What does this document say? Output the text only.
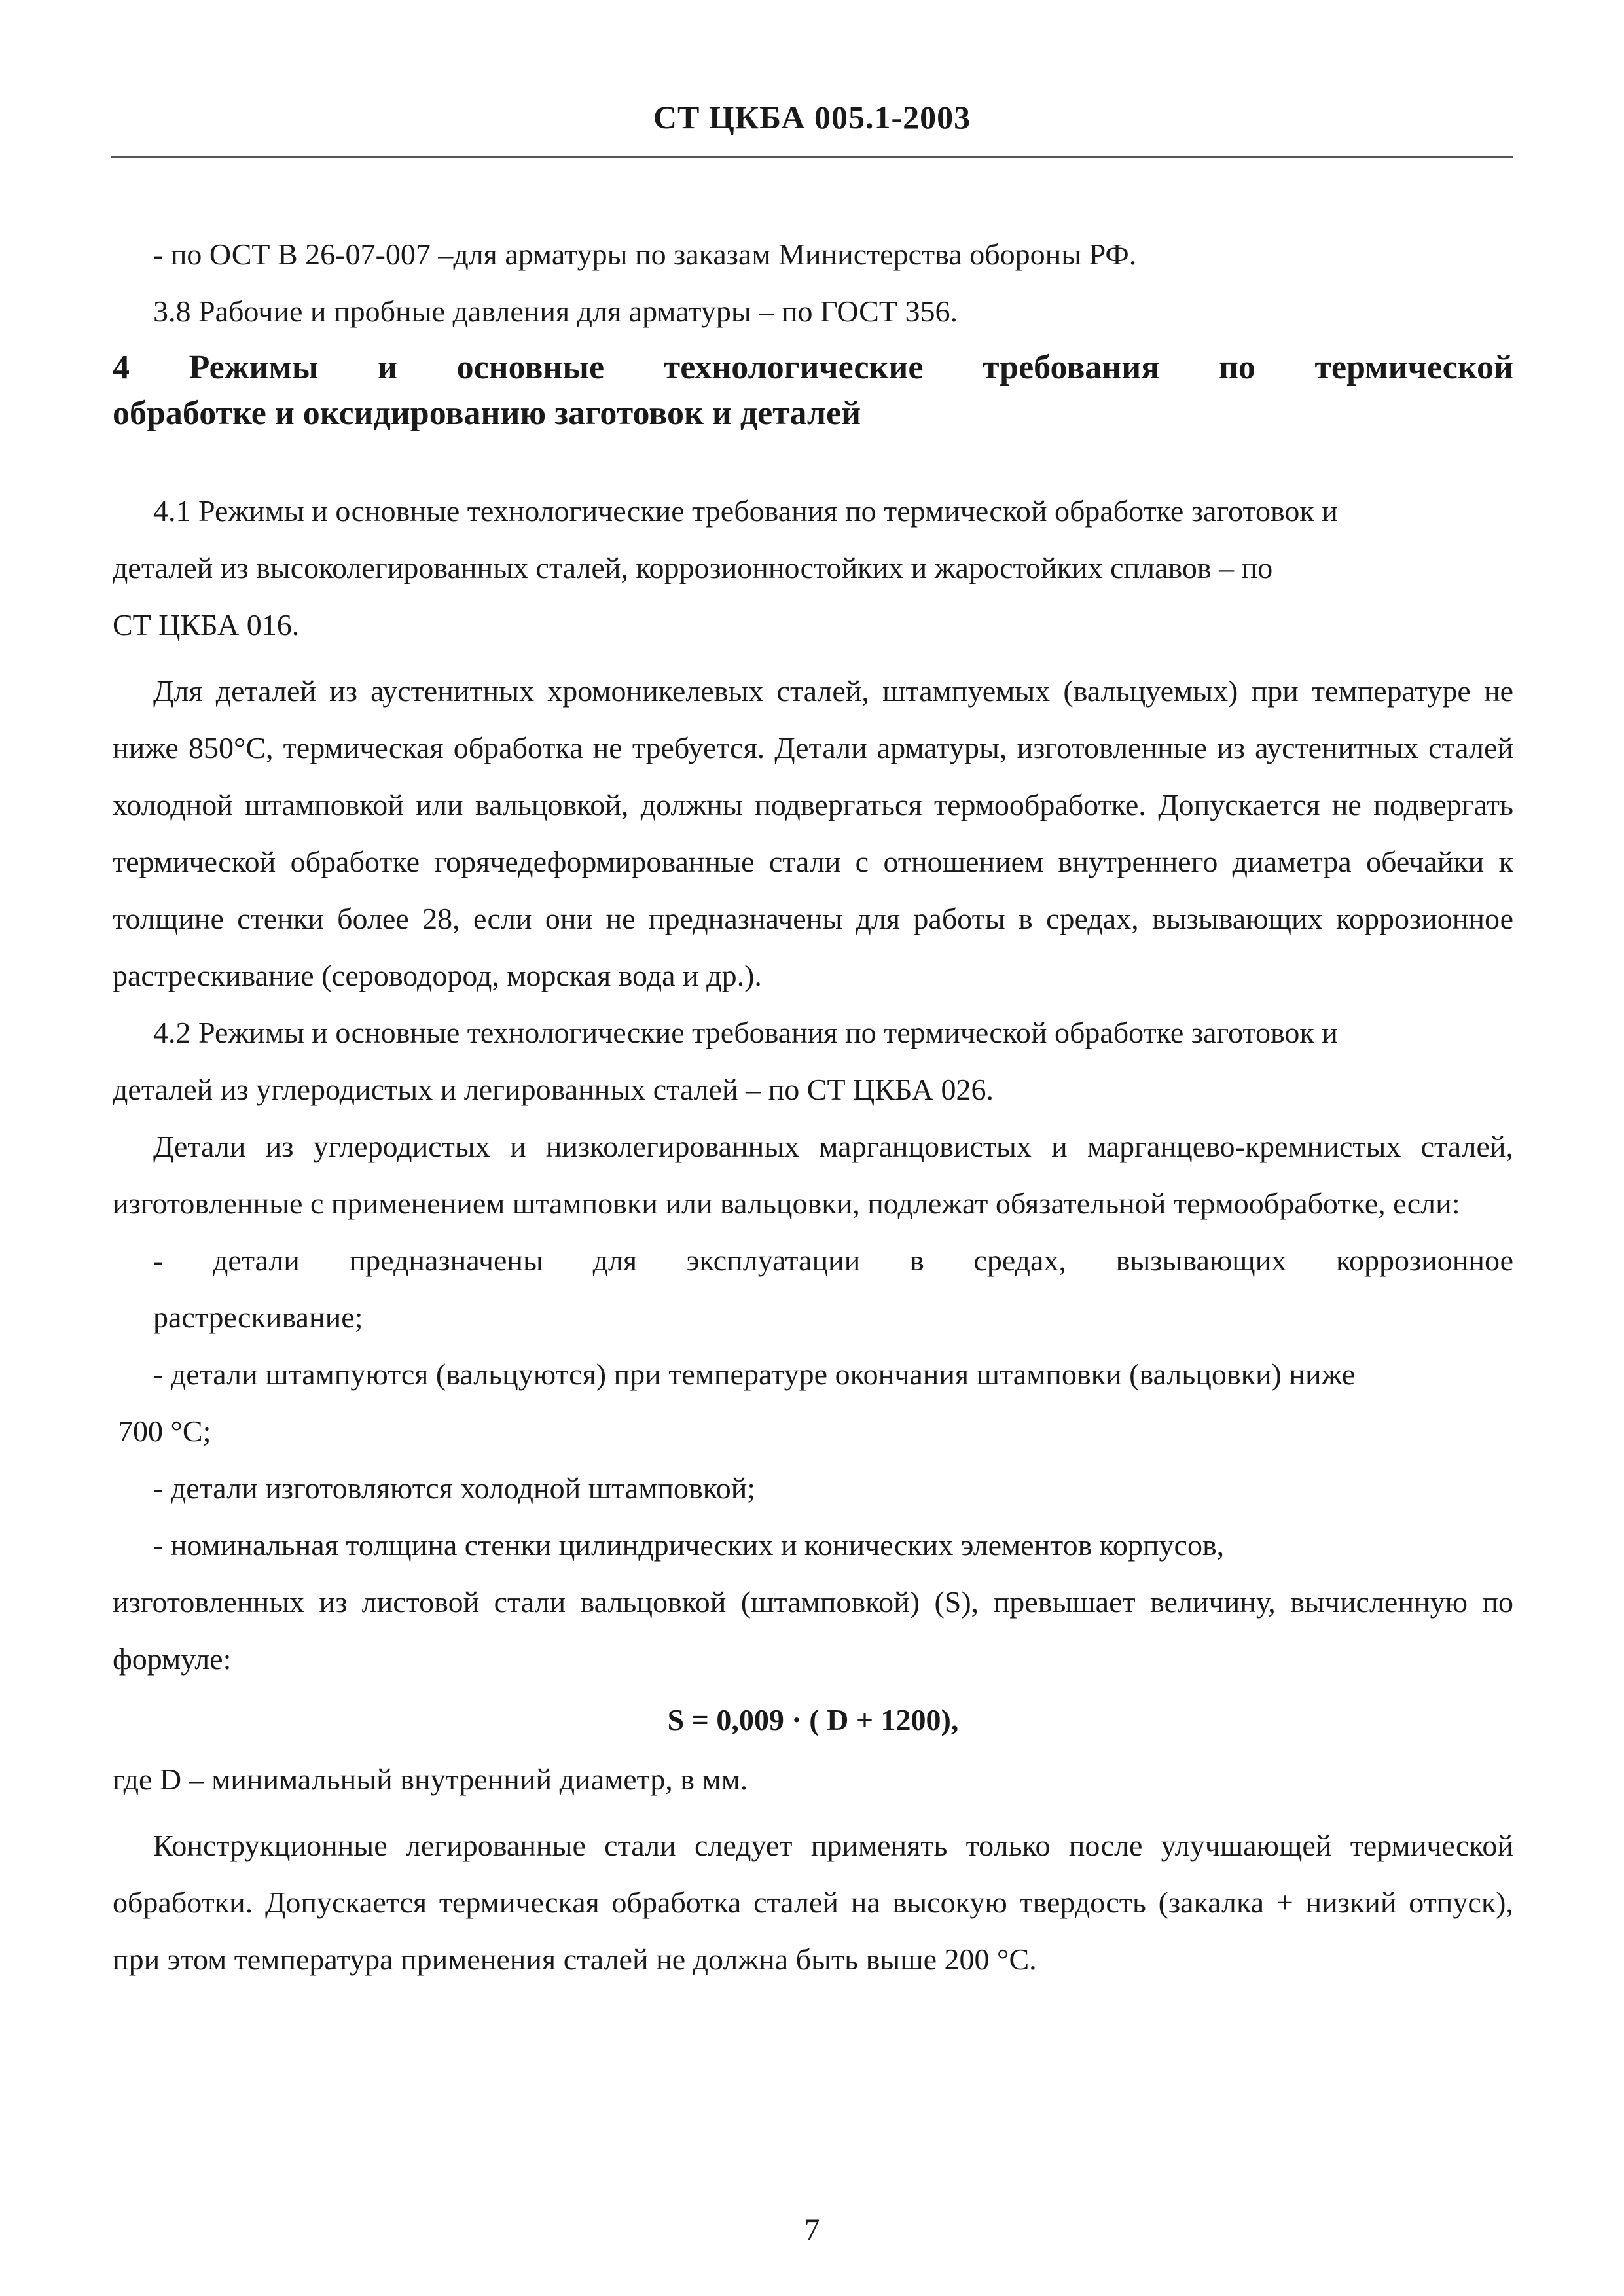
СТ ЦКБА 005.1-2003

- по ОСТ В 26-07-007 –для арматуры по заказам Министерства обороны РФ.

3.8 Рабочие и пробные давления для арматуры – по ГОСТ 356.

4 Режимы и основные технологические требования по термической
обработке и оксидированию заготовок и деталей
4.1 Режимы и основные технологические требования по термической обработке заготовок и
деталей из высоколегированных сталей, коррозионностойких и жаростойких сплавов – по
СТ ЦКБА 016.

Для деталей из аустенитных хромоникелевых сталей, штампуемых (вальцуемых) при температуре не ниже 850°С, термическая обработка не требуется. Детали арматуры, изготовленные из аустенитных сталей холодной штамповкой или вальцовкой, должны подвергаться термообработке. Допускается не подвергать термической обработке горячедеформированные стали с отношением внутреннего диаметра обечайки к толщине стенки более 28, если они не предназначены для работы в средах, вызывающих коррозионное растрескивание (сероводород, морская вода и др.).

4.2 Режимы и основные технологические требования по термической обработке заготовок и
деталей из углеродистых и легированных сталей – по СТ ЦКБА 026.

Детали из углеродистых и низколегированных марганцовистых и марганцево-кремнистых сталей, изготовленные с применением штамповки или вальцовки, подлежат обязательной термообработке, если:

- детали предназначены для эксплуатации в средах, вызывающих коррозионное
растрескивание;
- детали штампуются (вальцуются) при температуре окончания штамповки (вальцовки) ниже
700 °С;
- детали изготовляются холодной штамповкой;
- номинальная толщина стенки цилиндрических и конических элементов корпусов,

изготовленных из листовой стали вальцовкой (штамповкой) (S), превышает величину, вычисленную по формуле:

S = 0,009 · ( D + 1200),
где D – минимальный внутренний диаметр, в мм.

Конструкционные легированные стали следует применять только после улучшающей термической обработки. Допускается термическая обработка сталей на высокую твердость (закалка + низкий отпуск), при этом температура применения сталей не должна быть выше 200 °С.

7
